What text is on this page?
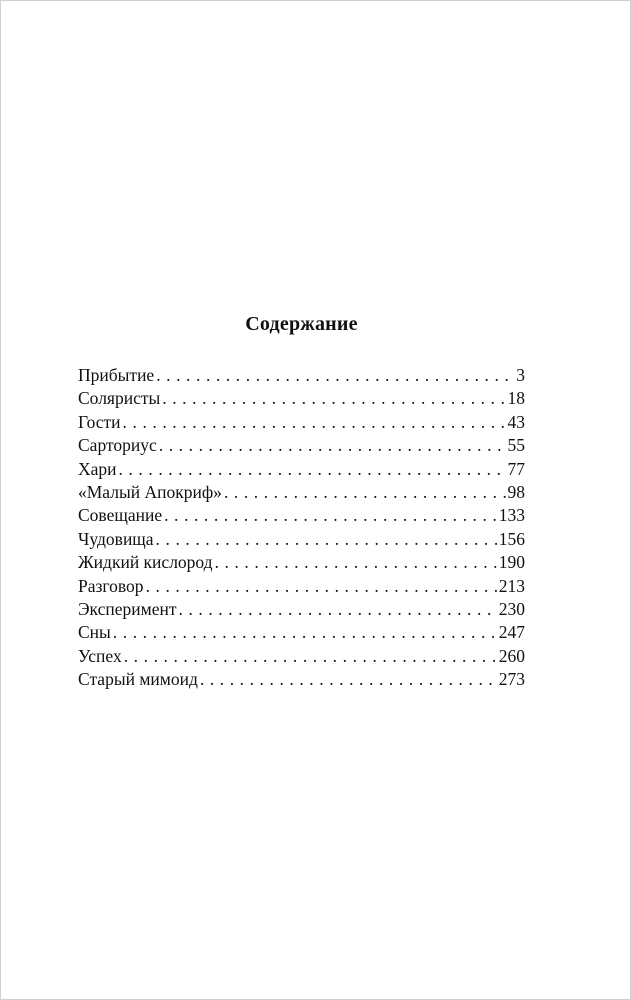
Содержание
Прибытие . . .	3
Соляристы . . .	18
Гости . . .	43
Сарториус . . .	55
Хари . . .	77
«Малый Апокриф» . . .	98
Совещание . . .	133
Чудовища . . .	156
Жидкий кислород . . .	190
Разговор . . .	213
Эксперимент . . .	230
Сны . . .	247
Успех . . .	260
Старый мимоид . . .	273
